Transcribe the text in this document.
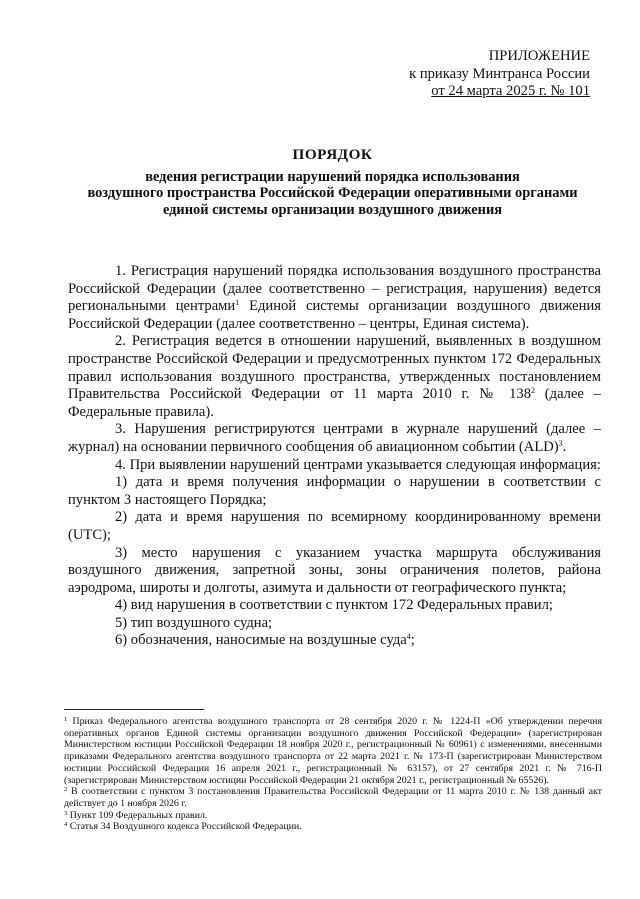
ПРИЛОЖЕНИЕ
к приказу Минтранса России
от 24 марта 2025 г. № 101
ПОРЯДОК
ведения регистрации нарушений порядка использования
воздушного пространства Российской Федерации оперативными органами
единой системы организации воздушного движения

1. Регистрация нарушений порядка использования воздушного пространства Российской Федерации (далее соответственно – регистрация, нарушения) ведется региональными центрами$^1$ Единой системы организации воздушного движения Российской Федерации (далее соответственно – центры, Единая система).

2. Регистрация ведется в отношении нарушений, выявленных в воздушном пространстве Российской Федерации и предусмотренных пунктом 172 Федеральных правил использования воздушного пространства, утвержденных постановлением Правительства Российской Федерации от 11 марта 2010 г. № $138^2$ (далее – Федеральные правила).

3. Нарушения регистрируются центрами в журнале нарушений (далее – журнал) на основании первичного сообщения об авиационном событии (ALD)$^3$.

4. При выявлении нарушений центрами указывается следующая информация:

1) дата и время получения информации о нарушении в соответствии с пунктом 3 настоящего Порядка;

2) дата и время нарушения по всемирному координированному времени (UTC);

3) место нарушения с указанием участка маршрута обслуживания воздушного движения, запретной зоны, зоны ограничения полетов, района аэродрома, широты и долготы, азимута и дальности от географического пункта;

4) вид нарушения в соответствии с пунктом 172 Федеральных правил;

5) тип воздушного судна;

6) обозначения, наносимые на воздушные суда$^4$;

$^1$ Приказ Федерального агентства воздушного транспорта от 28 сентября 2020 г. № 1224-П «Об утверждении перечня оперативных органов Единой системы организации воздушного движения Российской Федерации» (зарегистрирован Министерством юстиции Российской Федерации 18 ноября 2020 г., регистрационный № 60961) с изменениями, внесенными приказами Федерального агентства воздушного транспорта от 22 марта 2021 г. № 173-П (зарегистрирован Министерством юстиции Российской Федерации 16 апреля 2021 г., регистрационный № 63157), от 27 сентября 2021 г. № 716-П (зарегистрирован Министерством юстиции Российской Федерации 21 октября 2021 г., регистрационный № 65526).
$^2$ В соответствии с пунктом 3 постановления Правительства Российской Федерации от 11 марта 2010 г. № 138 данный акт действует до 1 ноября 2026 г.
$^3$ Пункт 109 Федеральных правил.
$^4$ Статья 34 Воздушного кодекса Российской Федерации.
